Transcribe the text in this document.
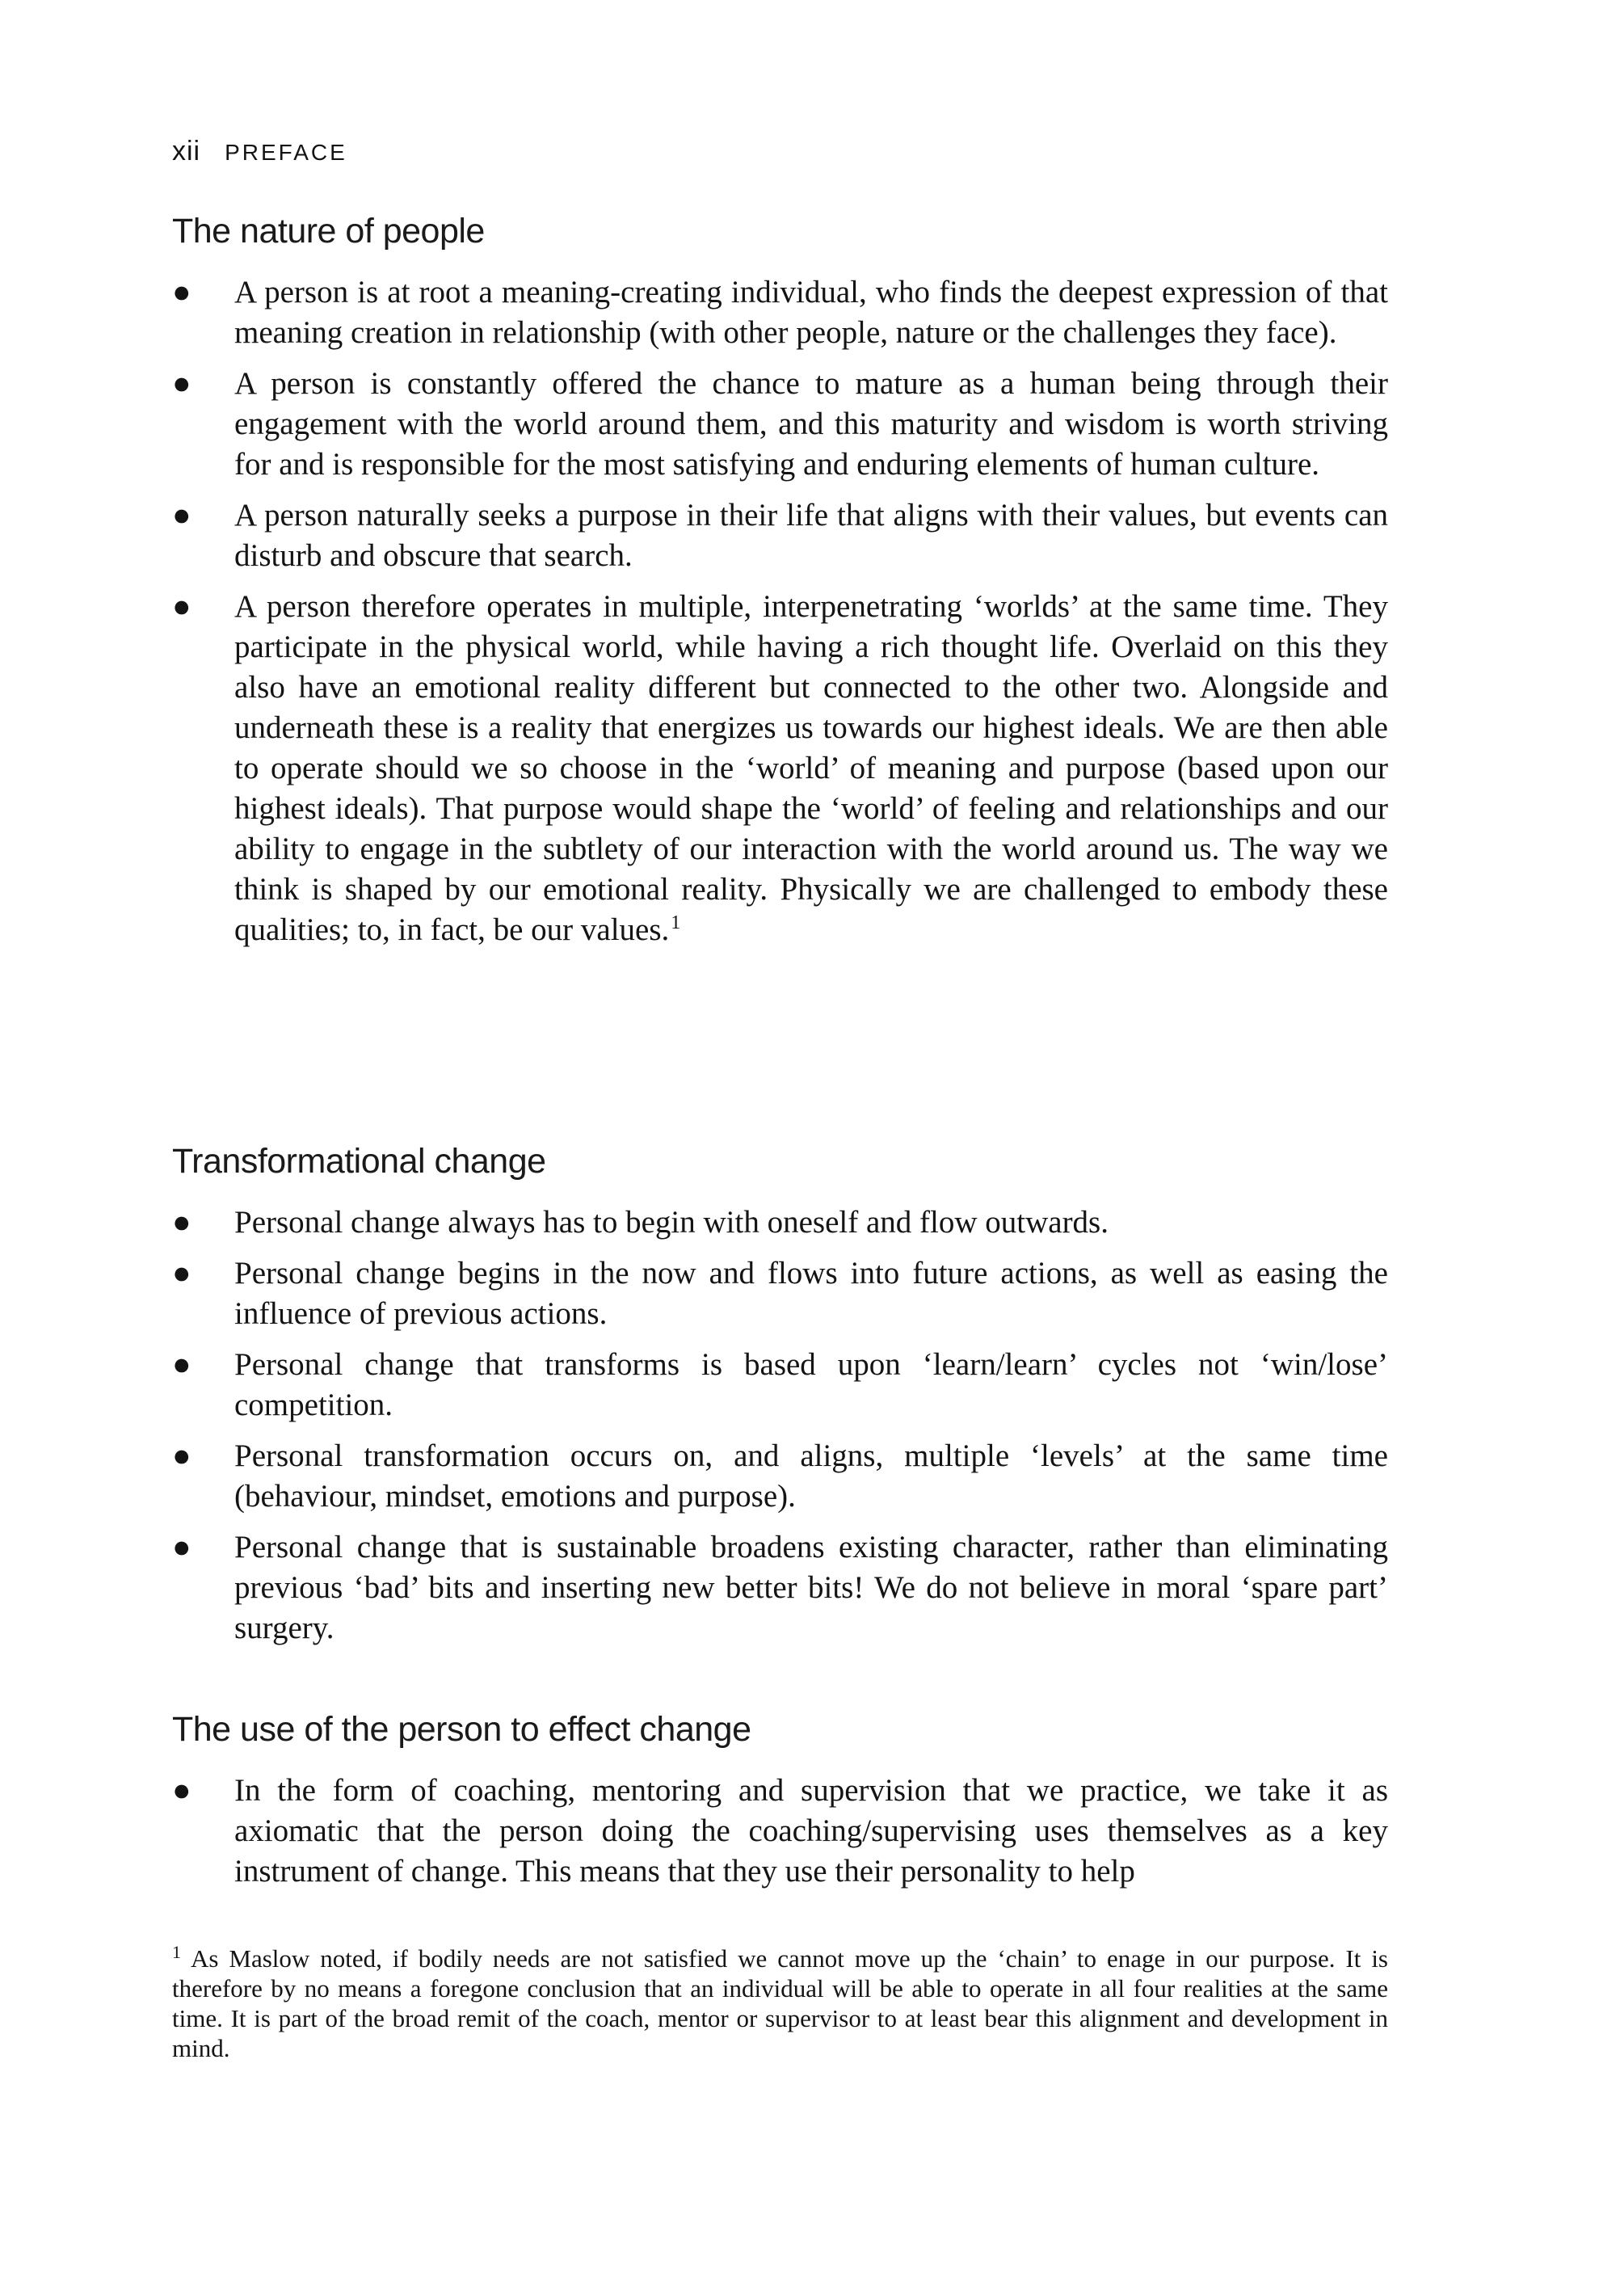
xii PREFACE
The nature of people
● A person is at root a meaning-creating individual, who finds the deepest expression of that meaning creation in relationship (with other people, nature or the challenges they face).
● A person is constantly offered the chance to mature as a human being through their engagement with the world around them, and this maturity and wisdom is worth striving for and is responsible for the most satisfying and enduring elements of human culture.
● A person naturally seeks a purpose in their life that aligns with their values, but events can disturb and obscure that search.
● A person therefore operates in multiple, interpenetrating ‘worlds’ at the same time. They participate in the physical world, while having a rich thought life. Overlaid on this they also have an emotional reality different but connected to the other two. Alongside and underneath these is a reality that energizes us towards our highest ideals. We are then able to operate should we so choose in the ‘world’ of meaning and purpose (based upon our highest ideals). That purpose would shape the ‘world’ of feeling and relationships and our ability to engage in the subtlety of our interaction with the world around us. The way we think is shaped by our emotional reality. Physically we are challenged to embody these qualities; to, in fact, be our values.$^1$
Transformational change
● Personal change always has to begin with oneself and flow outwards.
● Personal change begins in the now and flows into future actions, as well as easing the influence of previous actions.
● Personal change that transforms is based upon ‘learn/learn’ cycles not ‘win/lose’ competition.
● Personal transformation occurs on, and aligns, multiple ‘levels’ at the same time (behaviour, mindset, emotions and purpose).
● Personal change that is sustainable broadens existing character, rather than eliminating previous ‘bad’ bits and inserting new better bits! We do not believe in moral ‘spare part’ surgery.
The use of the person to effect change
● In the form of coaching, mentoring and supervision that we practice, we take it as axiomatic that the person doing the coaching/supervising uses themselves as a key instrument of change. This means that they use their personality to help

$^1$ As Maslow noted, if bodily needs are not satisfied we cannot move up the ‘chain’ to enage in our purpose. It is therefore by no means a foregone conclusion that an individual will be able to operate in all four realities at the same time. It is part of the broad remit of the coach, mentor or supervisor to at least bear this alignment and development in mind.
